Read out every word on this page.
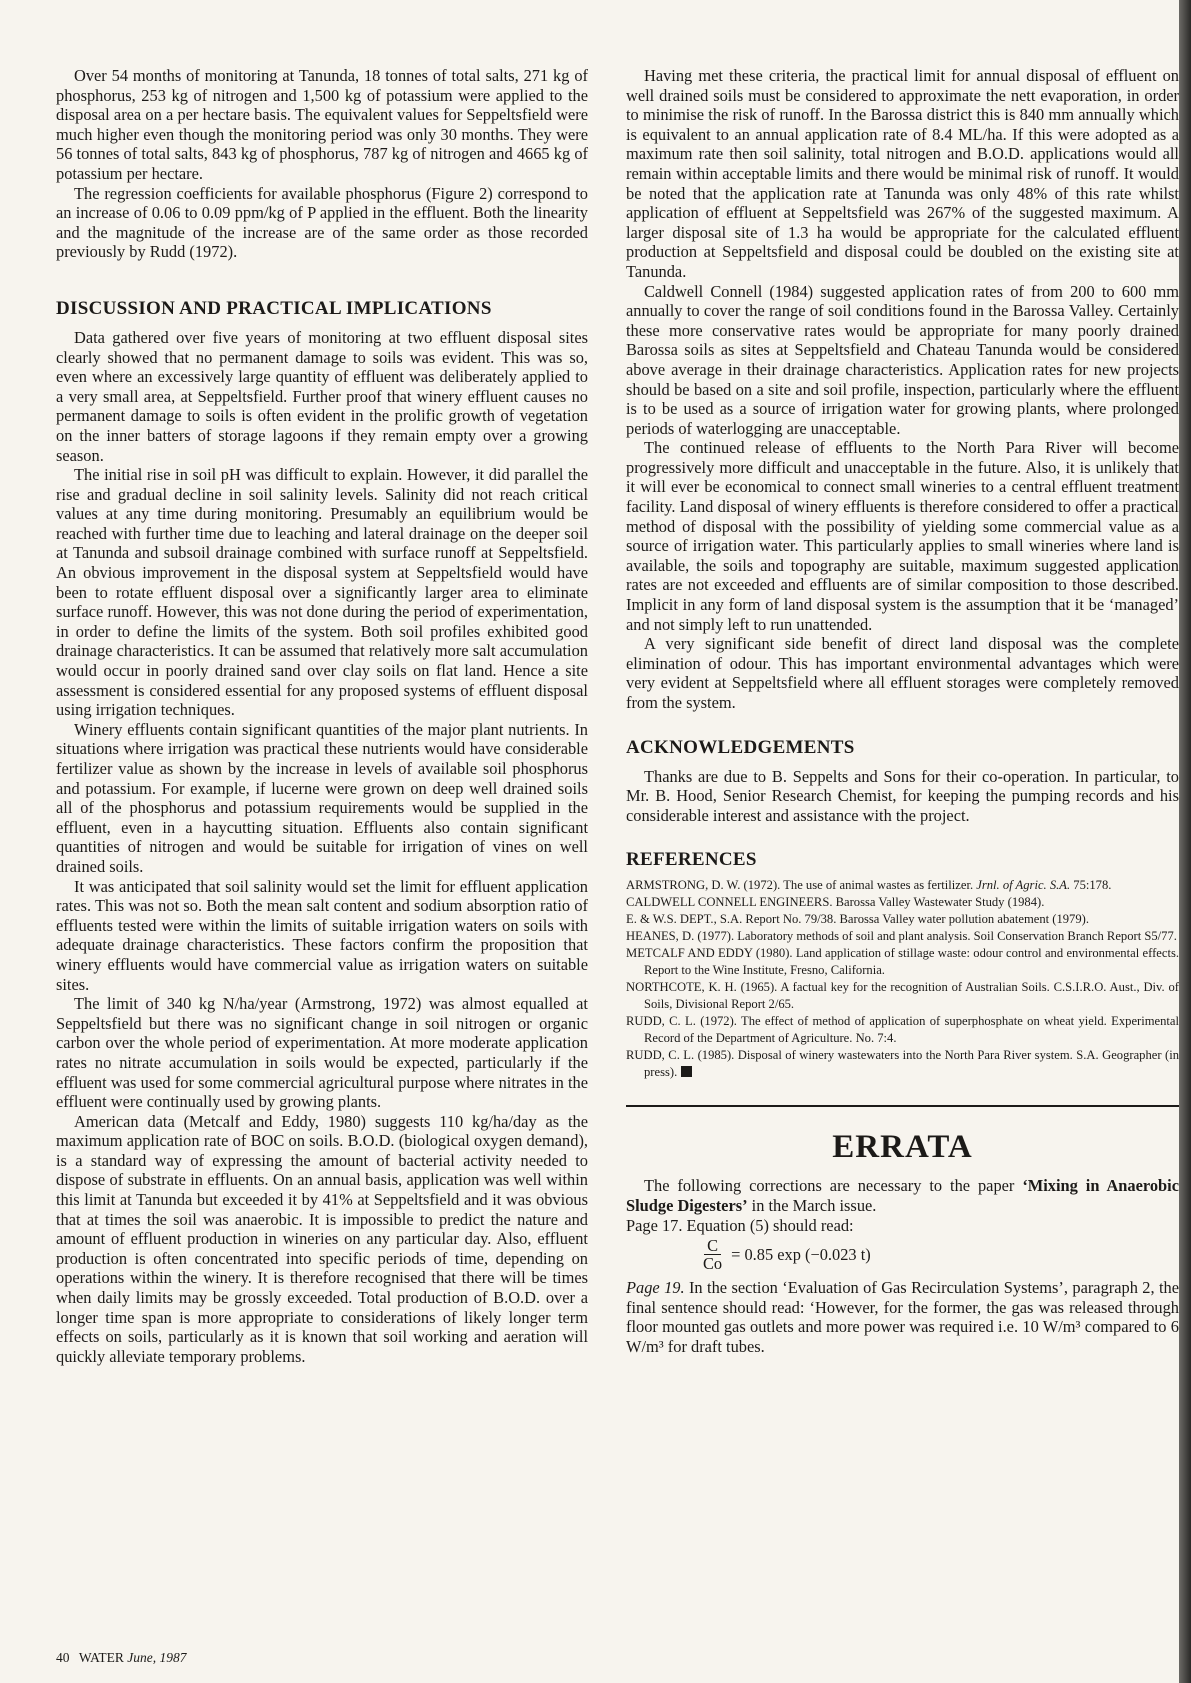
Over 54 months of monitoring at Tanunda, 18 tonnes of total salts, 271 kg of phosphorus, 253 kg of nitrogen and 1,500 kg of potassium were applied to the disposal area on a per hectare basis. The equivalent values for Seppeltsfield were much higher even though the monitoring period was only 30 months. They were 56 tonnes of total salts, 843 kg of phosphorus, 787 kg of nitrogen and 4665 kg of potassium per hectare.

The regression coefficients for available phosphorus (Figure 2) correspond to an increase of 0.06 to 0.09 ppm/kg of P applied in the effluent. Both the linearity and the magnitude of the increase are of the same order as those recorded previously by Rudd (1972).

DISCUSSION AND PRACTICAL IMPLICATIONS

Data gathered over five years of monitoring at two effluent disposal sites clearly showed that no permanent damage to soils was evident. This was so, even where an excessively large quantity of effluent was deliberately applied to a very small area, at Seppeltsfield. Further proof that winery effluent causes no permanent damage to soils is often evident in the prolific growth of vegetation on the inner batters of storage lagoons if they remain empty over a growing season.

The initial rise in soil pH was difficult to explain. However, it did parallel the rise and gradual decline in soil salinity levels. Salinity did not reach critical values at any time during monitoring. Presumably an equilibrium would be reached with further time due to leaching and lateral drainage on the deeper soil at Tanunda and subsoil drainage combined with surface runoff at Seppeltsfield. An obvious improvement in the disposal system at Seppeltsfield would have been to rotate effluent disposal over a significantly larger area to eliminate surface runoff. However, this was not done during the period of experimentation, in order to define the limits of the system. Both soil profiles exhibited good drainage characteristics. It can be assumed that relatively more salt accumulation would occur in poorly drained sand over clay soils on flat land. Hence a site assessment is considered essential for any proposed systems of effluent disposal using irrigation techniques.

Winery effluents contain significant quantities of the major plant nutrients. In situations where irrigation was practical these nutrients would have considerable fertilizer value as shown by the increase in levels of available soil phosphorus and potassium. For example, if lucerne were grown on deep well drained soils all of the phosphorus and potassium requirements would be supplied in the effluent, even in a haycutting situation. Effluents also contain significant quantities of nitrogen and would be suitable for irrigation of vines on well drained soils.

It was anticipated that soil salinity would set the limit for effluent application rates. This was not so. Both the mean salt content and sodium absorption ratio of effluents tested were within the limits of suitable irrigation waters on soils with adequate drainage characteristics. These factors confirm the proposition that winery effluents would have commercial value as irrigation waters on suitable sites.

The limit of 340 kg N/ha/year (Armstrong, 1972) was almost equalled at Seppeltsfield but there was no significant change in soil nitrogen or organic carbon over the whole period of experimentation. At more moderate application rates no nitrate accumulation in soils would be expected, particularly if the effluent was used for some commercial agricultural purpose where nitrates in the effluent were continually used by growing plants.

American data (Metcalf and Eddy, 1980) suggests 110 kg/ha/day as the maximum application rate of BOC on soils. B.O.D. (biological oxygen demand), is a standard way of expressing the amount of bacterial activity needed to dispose of substrate in effluents. On an annual basis, application was well within this limit at Tanunda but exceeded it by 41% at Seppeltsfield and it was obvious that at times the soil was anaerobic. It is impossible to predict the nature and amount of effluent production in wineries on any particular day. Also, effluent production is often concentrated into specific periods of time, depending on operations within the winery. It is therefore recognised that there will be times when daily limits may be grossly exceeded. Total production of B.O.D. over a longer time span is more appropriate to considerations of likely longer term effects on soils, particularly as it is known that soil working and aeration will quickly alleviate temporary problems.

Having met these criteria, the practical limit for annual disposal of effluent on well drained soils must be considered to approximate the nett evaporation, in order to minimise the risk of runoff. In the Barossa district this is 840 mm annually which is equivalent to an annual application rate of 8.4 ML/ha. If this were adopted as a maximum rate then soil salinity, total nitrogen and B.O.D. applications would all remain within acceptable limits and there would be minimal risk of runoff. It would be noted that the application rate at Tanunda was only 48% of this rate whilst application of effluent at Seppeltsfield was 267% of the suggested maximum. A larger disposal site of 1.3 ha would be appropriate for the calculated effluent production at Seppeltsfield and disposal could be doubled on the existing site at Tanunda.

Caldwell Connell (1984) suggested application rates of from 200 to 600 mm annually to cover the range of soil conditions found in the Barossa Valley. Certainly these more conservative rates would be appropriate for many poorly drained Barossa soils as sites at Seppeltsfield and Chateau Tanunda would be considered above average in their drainage characteristics. Application rates for new projects should be based on a site and soil profile, inspection, particularly where the effluent is to be used as a source of irrigation water for growing plants, where prolonged periods of waterlogging are unacceptable.

The continued release of effluents to the North Para River will become progressively more difficult and unacceptable in the future. Also, it is unlikely that it will ever be economical to connect small wineries to a central effluent treatment facility. Land disposal of winery effluents is therefore considered to offer a practical method of disposal with the possibility of yielding some commercial value as a source of irrigation water. This particularly applies to small wineries where land is available, the soils and topography are suitable, maximum suggested application rates are not exceeded and effluents are of similar composition to those described. Implicit in any form of land disposal system is the assumption that it be ‘managed’ and not simply left to run unattended.

A very significant side benefit of direct land disposal was the complete elimination of odour. This has important environmental advantages which were very evident at Seppeltsfield where all effluent storages were completely removed from the system.

ACKNOWLEDGEMENTS

Thanks are due to B. Seppelts and Sons for their co-operation. In particular, to Mr. B. Hood, Senior Research Chemist, for keeping the pumping records and his considerable interest and assistance with the project.

REFERENCES
ARMSTRONG, D. W. (1972). The use of animal wastes as fertilizer. Jrnl. of Agric. S.A. 75:178.
CALDWELL CONNELL ENGINEERS. Barossa Valley Wastewater Study (1984).
E. & W.S. DEPT., S.A. Report No. 79/38. Barossa Valley water pollution abatement (1979).
HEANES, D. (1977). Laboratory methods of soil and plant analysis. Soil Conservation Branch Report S5/77.
METCALF AND EDDY (1980). Land application of stillage waste: odour control and environmental effects. Report to the Wine Institute, Fresno, California.
NORTHCOTE, K. H. (1965). A factual key for the recognition of Australian Soils. C.S.I.R.O. Aust., Div. of Soils, Divisional Report 2/65.
RUDD, C. L. (1972). The effect of method of application of superphosphate on wheat yield. Experimental Record of the Department of Agriculture. No. 7:4.
RUDD, C. L. (1985). Disposal of winery wastewaters into the North Para River system. S.A. Geographer (in press).
ERRATA

The following corrections are necessary to the paper ‘Mixing in Anaerobic Sludge Digesters’ in the March issue.

Page 17. Equation (5) should read:

$\frac{C}{Co} = 0.85$ exp (−0.023 t)

Page 19. In the section ‘Evaluation of Gas Recirculation Systems’, paragraph 2, the final sentence should read: ‘However, for the former, the gas was released through floor mounted gas outlets and more power was required i.e. 10 W/m³ compared to 6 W/m³ for draft tubes.

40 WATER June, 1987
